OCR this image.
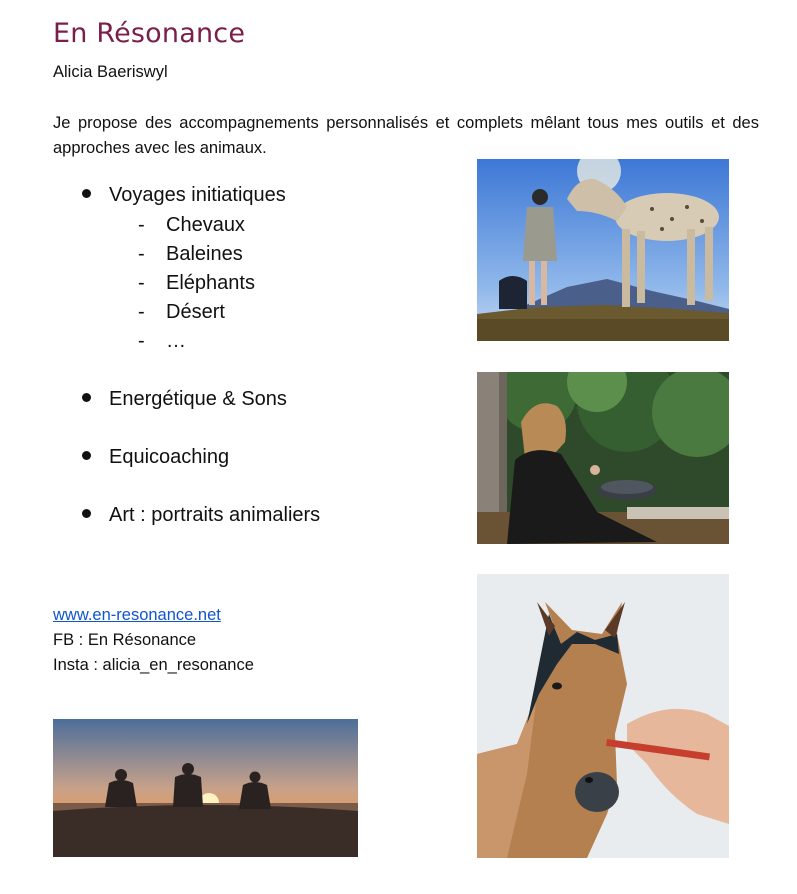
En Résonance
Alicia Baeriswyl
Je propose des accompagnements personnalisés et complets mêlant tous mes outils et des approches avec les animaux.
Voyages initiatiques
- Chevaux
- Baleines
- Eléphants
- Désert
- …
Energétique & Sons
Equicoaching
Art : portraits animaliers
www.en-resonance.net
FB : En Résonance
Insta : alicia_en_resonance
